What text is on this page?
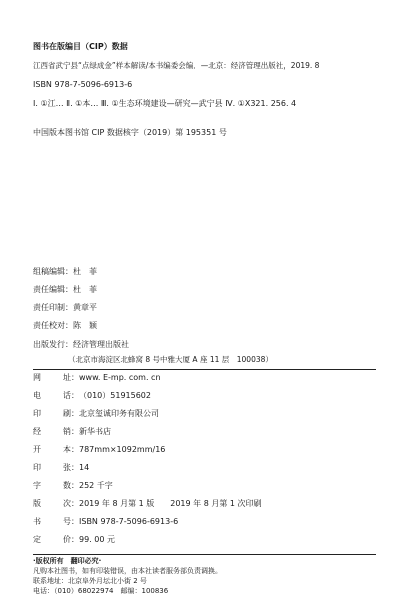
图书在版编目（CIP）数据
江西省武宁县“点绿成金”样本解读/本书编委会编．—北京：经济管理出版社，2019. 8
ISBN 978-7-5096-6913-6
Ⅰ. ①江… Ⅱ. ①本… Ⅲ. ①生态环境建设—研究—武宁县 Ⅳ. ①X321. 256. 4
中国版本图书馆 CIP 数据核字（2019）第 195351 号
组稿编辑：杜　菲
责任编辑：杜　菲
责任印制：黄章平
责任校对：陈　颖
出版发行：经济管理出版社
（北京市海淀区北蜂窝 8 号中雅大厦 A 座 11 层　100038）
网	址：www. E-mp. com. cn
电	话：（010）51915602
印	刷：北京玺诚印务有限公司
经	销：新华书店
开	本：787mm×1092mm/16
印	张：14
字	数：252 千字
版	次：2019 年 8 月第 1 版　　2019 年 8 月第 1 次印刷
书	号：ISBN 978-7-5096-6913-6
定	价：99. 00 元
·版权所有　翻印必究·
凡购本社图书，如有印装错误，由本社读者服务部负责调换。
联系地址：北京阜外月坛北小街 2 号
电话：（010）68022974　邮编：100836
